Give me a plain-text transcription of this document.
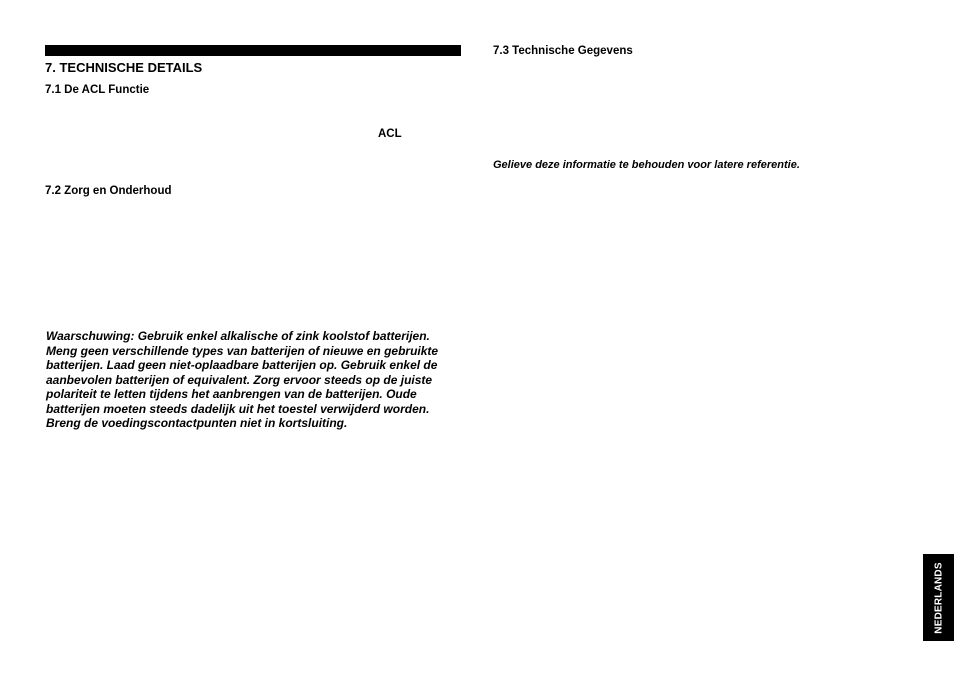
7. TECHNISCHE DETAILS
7.1 De ACL Functie
ACL
7.2 Zorg en Onderhoud
Waarschuwing: Gebruik enkel alkalische of zink koolstof batterijen. Meng geen verschillende types van batterijen of nieuwe en gebruikte batterijen. Laad geen niet-oplaadbare batterijen op. Gebruik enkel de aanbevolen batterijen of equivalent. Zorg ervoor steeds op de juiste polariteit te letten tijdens het aanbrengen van de batterijen. Oude batterijen moeten steeds dadelijk uit het toestel verwijderd worden. Breng de voedingscontactpunten niet in kortsluiting.
7.3 Technische Gegevens
Gelieve deze informatie te behouden voor latere referentie.
NEDERLANDS
